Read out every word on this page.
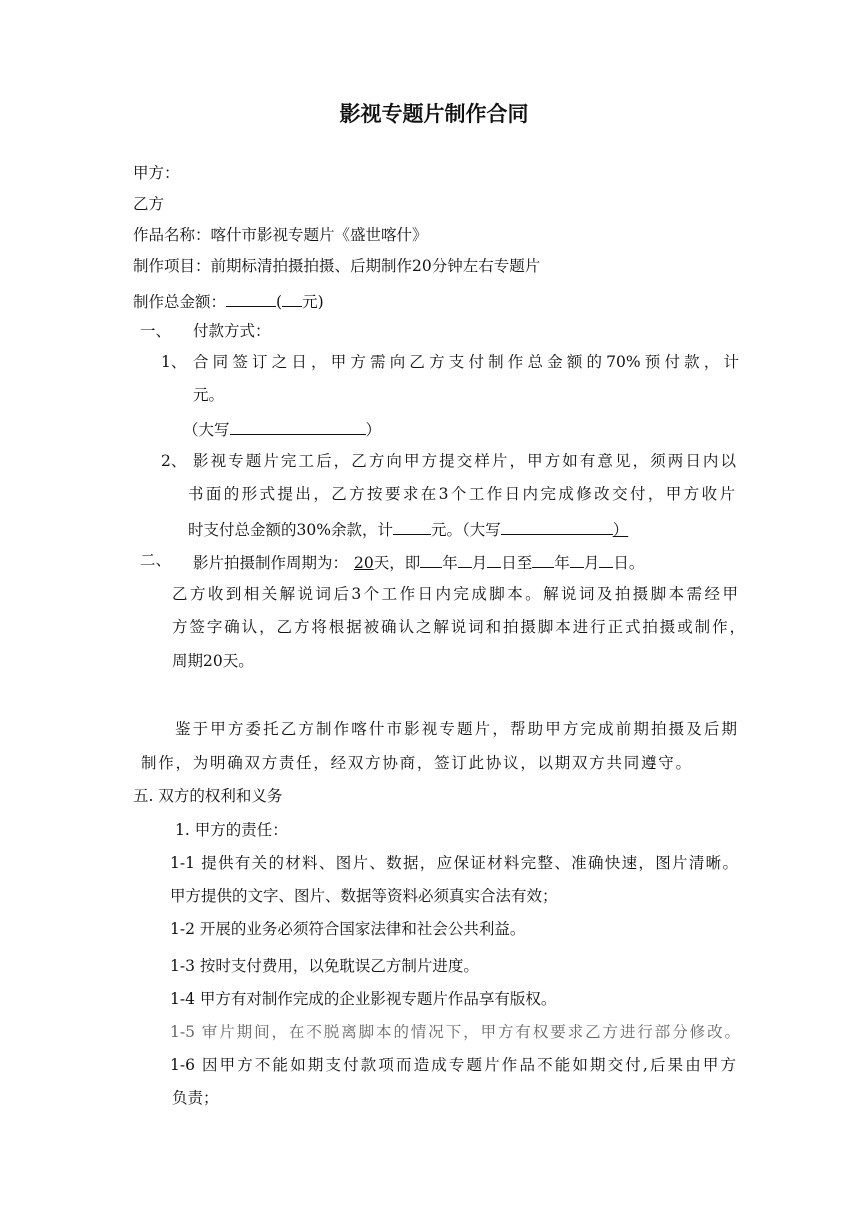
影视专题片制作合同
甲方：
乙方
作品名称：喀什市影视专题片《盛世喀什》
制作项目：前期标清拍摄拍摄、后期制作20分钟左右专题片
制作总金额：	( 元)
一、 付款方式：
1、 合同签订之日，甲方需向乙方支付制作总金额的70%预付款，计
元。
（大写	）
2、 影视专题片完工后，乙方向甲方提交样片，甲方如有意见，须两日内以
书面的形式提出，乙方按要求在3个工作日内完成修改交付，甲方收片
时支付总金额的30%余款，计 元。（大写	）
二、 影片拍摄制作周期为： 20天，即 年 月 日至 年 月 日。
乙方收到相关解说词后3个工作日内完成脚本。解说词及拍摄脚本需经甲
方签字确认，乙方将根据被确认之解说词和拍摄脚本进行正式拍摄或制作，
周期20天。
鉴于甲方委托乙方制作喀什市影视专题片，帮助甲方完成前期拍摄及后期
制作，为明确双方责任，经双方协商，签订此协议，以期双方共同遵守。
五. 双方的权利和义务
1. 甲方的责任：
1-1 提供有关的材料、图片、数据，应保证材料完整、准确快速，图片清晰。
甲方提供的文字、图片、数据等资料必须真实合法有效；
1-2 开展的业务必须符合国家法律和社会公共利益。
1-3 按时支付费用，以免耽误乙方制片进度。
1-4 甲方有对制作完成的企业影视专题片作品享有版权。
1-5 审片期间，在不脱离脚本的情况下，甲方有权要求乙方进行部分修改。
1-6 因甲方不能如期支付款项而造成专题片作品不能如期交付,后果由甲方
负责；
